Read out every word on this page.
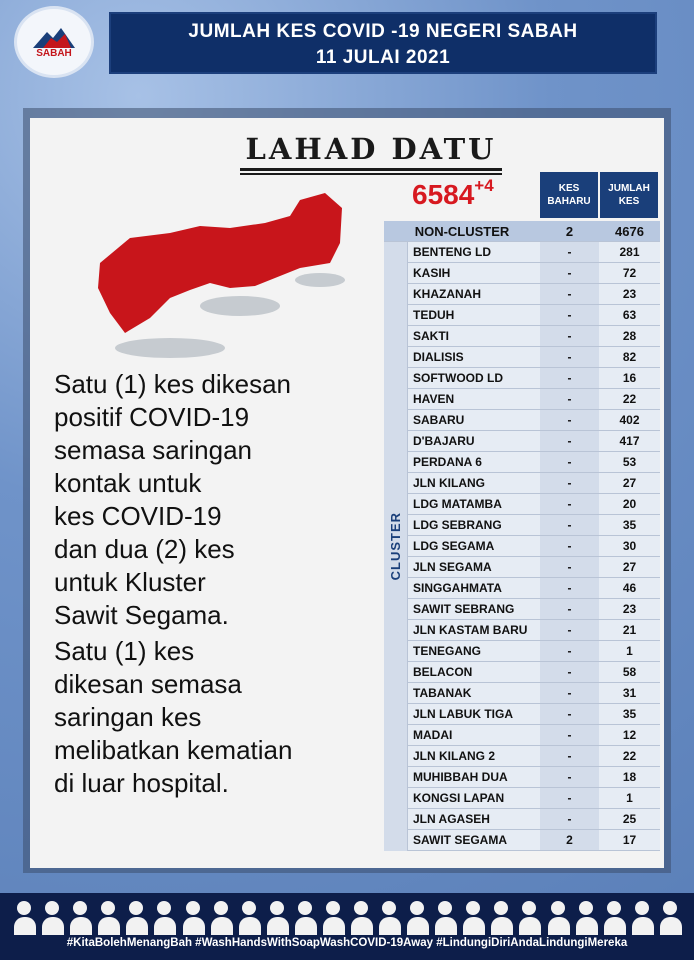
SABAH
JUMLAH KES COVID -19 NEGERI SABAH
11 JULAI 2021
LAHAD DATU

Satu (1) kes dikesan
positif COVID-19
semasa saringan
kontak untuk
kes COVID-19
dan dua (2) kes
untuk Kluster
Sawit Segama.

Satu (1) kes
dikesan semasa
saringan kes
melibatkan kematian
di luar hospital.

$6584^{+4}$	KES
BAHARU
JUMLAH
KES
NON-CLUSTER	2	4676
CLUSTER
BENTENG LD	-	281
KASIH	-	72
KHAZANAH	-	23
TEDUH	-	63
SAKTI	-	28
DIALISIS	-	82
SOFTWOOD LD	-	16
HAVEN	-	22
SABARU	-	402
D'BAJARU	-	417
PERDANA 6	-	53
JLN KILANG	-	27
LDG MATAMBA	-	20
LDG SEBRANG	-	35
LDG SEGAMA	-	30
JLN SEGAMA	-	27
SINGGAHMATA	-	46
SAWIT SEBRANG	-	23
JLN KASTAM BARU	-	21
TENEGANG	-	1
BELACON	-	58
TABANAK	-	31
JLN LABUK TIGA	-	35
MADAI	-	12
JLN KILANG 2	-	22
MUHIBBAH DUA	-	18
KONGSI LAPAN	-	1
JLN AGASEH	-	25
SAWIT SEGAMA	2	17
#KitaBolehMenangBah #WashHandsWithSoapWashCOVID-19Away #LindungiDiriAndaLindungiMereka
